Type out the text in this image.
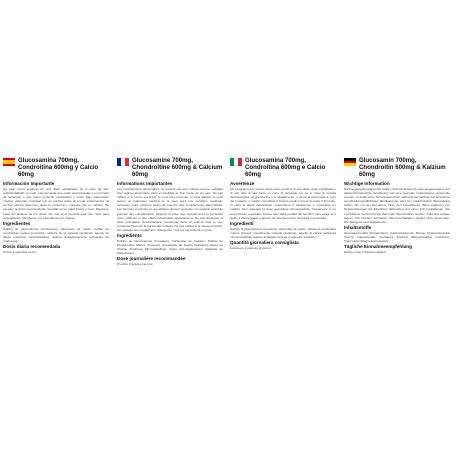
Glucosamina 700mg, Condroitina 600mg y Calcio 60mg
Información Importante
No usar como sustituto de una dieta equilibrada. Si el sello ha sido quitado/dañado, no usar. Las personas que estén embarazadas o en período de lactancia, o que estén tomando medicación o estén bajo supervisión médica, deberían consultar con un médico antes de tomar suplementos. Si se dan efectos adversos, dejar su consumo y consulte con un médico. No exceder la dosis recomendada. Guardar en un lugar fresco y seco. Mantener fuera del alcance de los niños. No usar si el precinto está roto. Apto para vegetarianos. Alérgenos: ver ingredientes en negrita.
Ingredientes
Sulfato de glucosamina (crustáceos), carbonato de calcio, sulfato de condroitina marina (pescado), cubierta de la cápsula (gelatina), agente de carga (celulosa microcristalina), agente antiaglomerante (estearato de magnesio).
Dosis diaria recomendada
Tomar 2 cápsulas al día.
Glucosamine 700mg, Chondroïtine 600mg & Calcium 60mg
Informations Importantes
Les compléments alimentaires ne doivent pas être utilisés comme substitut d'un régime alimentaire varié et équilibré et d'un mode de vie sain. Ne pas utiliser si le sceau est brisé. Si vous êtes enceinte, si vous allaitez, si vous suivez un traitement médical ou si vous avez une condition médicale, consultez votre médecin avant de prendre des compléments alimentaires. Les femmes enceintes ou qui allaitent doivent consulter un médecin avant de prendre des compléments. Stoppez la prise des compléments et consultez votre médecin si des effets indésirables apparaissent. Ne pas dépasser la dose journalière recommandée. Conserver dans un endroit frais et sec. Conservez hors de la portée des enfants. Ne pas utiliser si le sceau est brisé. Non adapté aux végétariens. Allergènes : voir les ingrédients en gras.
Ingrédients
Sulfate de Glucosamine (Crustacé), Carbonate de Calcium, Sulfate de Chondroïtine Marine (Poisson), Enveloppe de Gélule (Gélatine), Agent de Charge (Cellulose Microcristalline), Agent Anti-Agglomérant (Stéarate de Magnésium).
Dose journalière recommandée
Prendre 2 gélules par jour.
Glucosamina 700mg, Condroitina 600mg e Calcio 60mg
Avvertenze
Gli integratori non vanno intesi come sostituti di una dieta varia, equilibrata e di uno stile di vita sano. In caso di patologie e/o se in stato di terapia farmacologica, di gravidanza o in allattamento, o prima di interrompere l'uso del prodotto, è meglio consultare il proprio medico prima di usare il prodotto. In caso di effetti indesiderati, sospendere il trattamento e consultare un medico. Non superare la dose giornaliera raccomandata. Conservare in un luogo fresco e asciutto. Tenere fuori dalla portata dei bambini. Non usare se il sigillo è danneggiato o aperto. Gli allergeni sono segnalati in grassetto.
Ingredienti
Solfato di glucosamina (crostacei), carbonato di calcio, solfato di condroitina marina (pesce), rivestimento capsula (gelatina), agente di carica (cellulosa microcristallina), agente antiagglomerante (magnesio stearato).
Quantità giornaliera consigliata
Assumere 2 capsule al giorno.
Glucosamin 700mg, Chondroitin 600mg & Kalzium 60mg
Wichtige Information
Nahrungsergänzungsmittel sollten nicht als Ersatz für eine ausgewogene und abwechslungsreiche Ernährung und eine gesunde Lebensweise verwendet werden. Im Falle einer Schwangerschaft, während der Stillzeit, bei Einnahme verschreibungspflichtiger Medikamente oder bei medizinischer Behandlung sollten Sie vor der Einnahme Ihren Arzt konsultieren. Beim Auftreten von Nebenwirkungen die Einnahme abbrechen und einen Arzt kontaktieren. Die empfohlene Verzehrmenge darf nicht überschritten werden. Kühl und trocken lagern. Von Kindern fernhalten. Bei beschädigtem Siegel nicht verwenden. Die Allergene sind fettgedruckt.
Inhaltsstoffe
Glucosaminsulfat (Krustentiere), Kalziumkarbonat, Marine Chondroitinsulfat (Fisch), Kapselschale (Gelatine), Füllstoff (Mikrokristalline Cellulose), Trennmittel (Magnesiumstearat).
Tägliche Einnahmeempfehlung
Nehmen Sie 2 Kapseln täglich.
